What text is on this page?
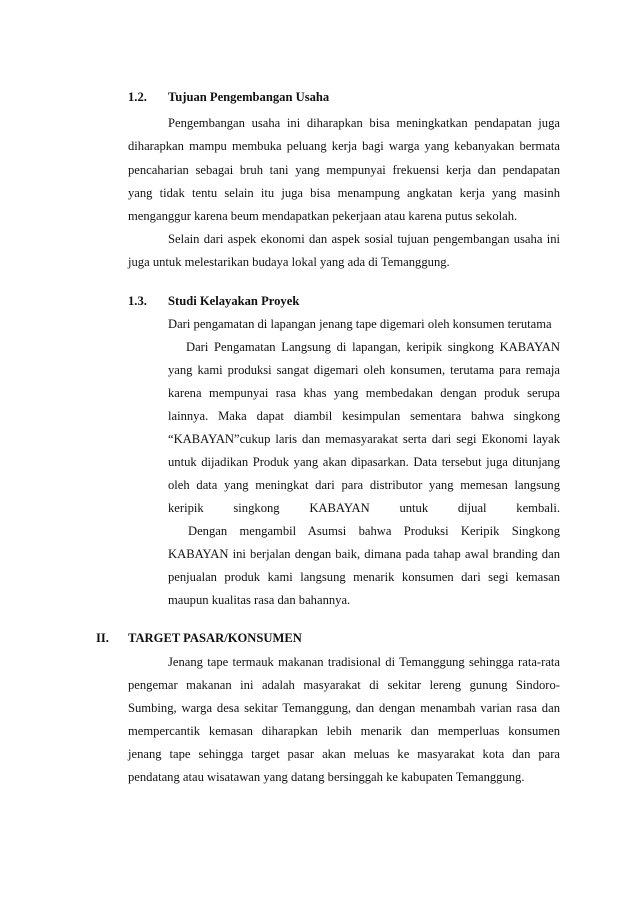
1.2. Tujuan Pengembangan Usaha
Pengembangan usaha ini diharapkan bisa meningkatkan pendapatan juga
diharapkan mampu membuka peluang kerja bagi warga yang kebanyakan bermata
pencaharian sebagai bruh tani yang mempunyai frekuensi kerja dan pendapatan
yang tidak tentu selain itu juga bisa menampung angkatan kerja yang masinh
menganggur karena beum mendapatkan pekerjaan atau karena putus sekolah.
Selain dari aspek ekonomi dan aspek sosial tujuan pengembangan usaha ini
juga untuk melestarikan budaya lokal yang ada di Temanggung.
1.3. Studi Kelayakan Proyek
Dari pengamatan di lapangan jenang tape digemari oleh konsumen terutama
Dari Pengamatan Langsung di lapangan, keripik singkong KABAYAN
yang kami produksi sangat digemari oleh konsumen, terutama para remaja
karena mempunyai rasa khas yang membedakan dengan produk serupa
lainnya. Maka dapat diambil kesimpulan sementara bahwa singkong
“KABAYAN”cukup laris dan memasyarakat serta dari segi Ekonomi layak
untuk dijadikan Produk yang akan dipasarkan. Data tersebut juga ditunjang
oleh data yang meningkat dari para distributor yang memesan langsung
keripik singkong KABAYAN untuk dijual kembali.
Dengan mengambil Asumsi bahwa Produksi Keripik Singkong
KABAYAN ini berjalan dengan baik, dimana pada tahap awal branding dan
penjualan produk kami langsung menarik konsumen dari segi kemasan
maupun kualitas rasa dan bahannya.
II. TARGET PASAR/KONSUMEN
Jenang tape termauk makanan tradisional di Temanggung sehingga rata-rata
pengemar makanan ini adalah masyarakat di sekitar lereng gunung Sindoro-
Sumbing, warga desa sekitar Temanggung, dan dengan menambah varian rasa dan
mempercantik kemasan diharapkan lebih menarik dan memperluas konsumen
jenang tape sehingga target pasar akan meluas ke masyarakat kota dan para
pendatang atau wisatawan yang datang bersinggah ke kabupaten Temanggung.
